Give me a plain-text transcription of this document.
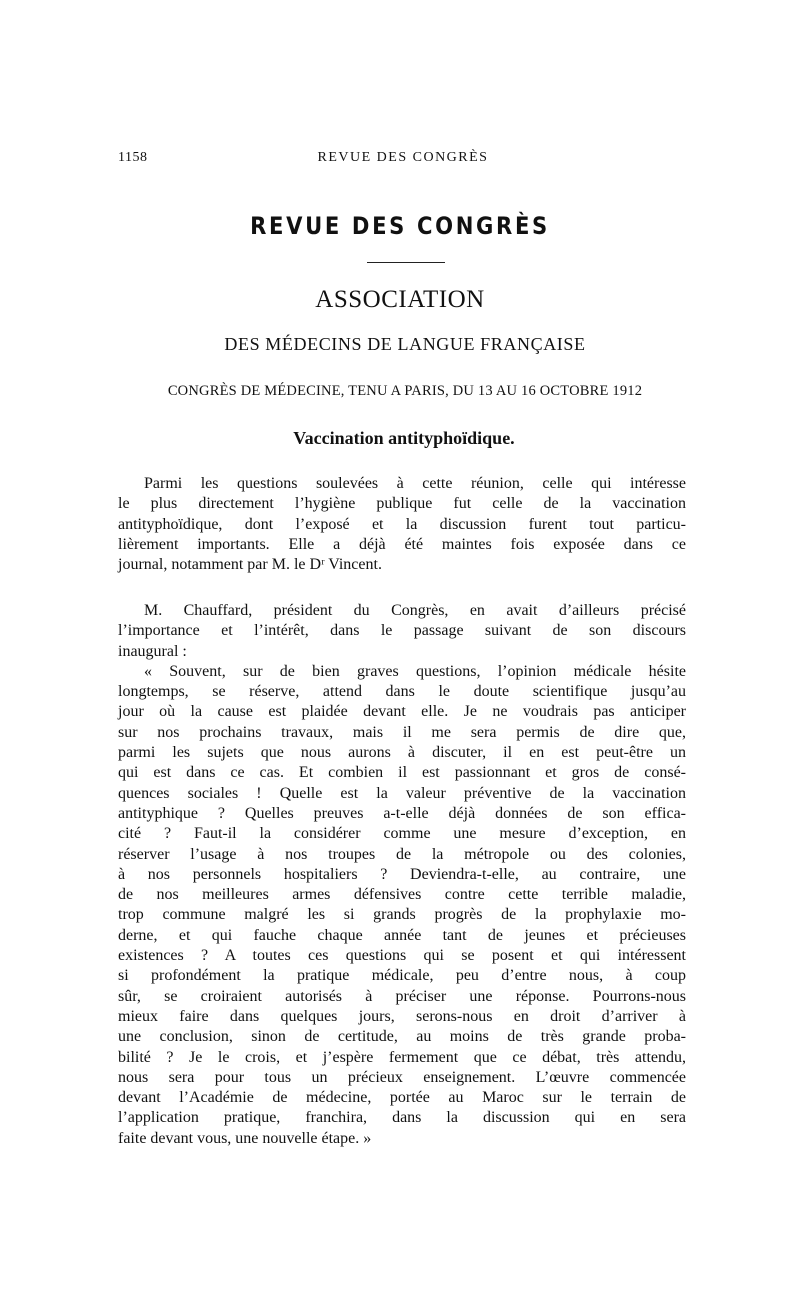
1158	REVUE DES CONGRÈS
REVUE DES CONGRÈS
ASSOCIATION
DES MÉDECINS DE LANGUE FRANÇAISE
CONGRÈS DE MÉDECINE, TENU A PARIS, DU 13 AU 16 OCTOBRE 1912
Vaccination antityphoïdique.
Parmi les questions soulevées à cette réunion, celle qui intéresse
le plus directement l’hygiène publique fut celle de la vaccination
antityphoïdique, dont l’exposé et la discussion furent tout particu-
lièrement importants. Elle a déjà été maintes fois exposée dans ce
journal, notamment par M. le Dʳ Vincent.
M. Chauffard, président du Congrès, en avait d’ailleurs précisé
l’importance et l’intérêt, dans le passage suivant de son discours
inaugural :
« Souvent, sur de bien graves questions, l’opinion médicale hésite
longtemps, se réserve, attend dans le doute scientifique jusqu’au
jour où la cause est plaidée devant elle. Je ne voudrais pas anticiper
sur nos prochains travaux, mais il me sera permis de dire que,
parmi les sujets que nous aurons à discuter, il en est peut-être un
qui est dans ce cas. Et combien il est passionnant et gros de consé-
quences sociales ! Quelle est la valeur préventive de la vaccination
antityphique ? Quelles preuves a-t-elle déjà données de son effica-
cité ? Faut-il la considérer comme une mesure d’exception, en
réserver l’usage à nos troupes de la métropole ou des colonies,
à nos personnels hospitaliers ? Deviendra-t-elle, au contraire, une
de nos meilleures armes défensives contre cette terrible maladie,
trop commune malgré les si grands progrès de la prophylaxie mo-
derne, et qui fauche chaque année tant de jeunes et précieuses
existences ? A toutes ces questions qui se posent et qui intéressent
si profondément la pratique médicale, peu d’entre nous, à coup
sûr, se croiraient autorisés à préciser une réponse. Pourrons-nous
mieux faire dans quelques jours, serons-nous en droit d’arriver à
une conclusion, sinon de certitude, au moins de très grande proba-
bilité ? Je le crois, et j’espère fermement que ce débat, très attendu,
nous sera pour tous un précieux enseignement. L’œuvre commencée
devant l’Académie de médecine, portée au Maroc sur le terrain de
l’application pratique, franchira, dans la discussion qui en sera
faite devant vous, une nouvelle étape. »
